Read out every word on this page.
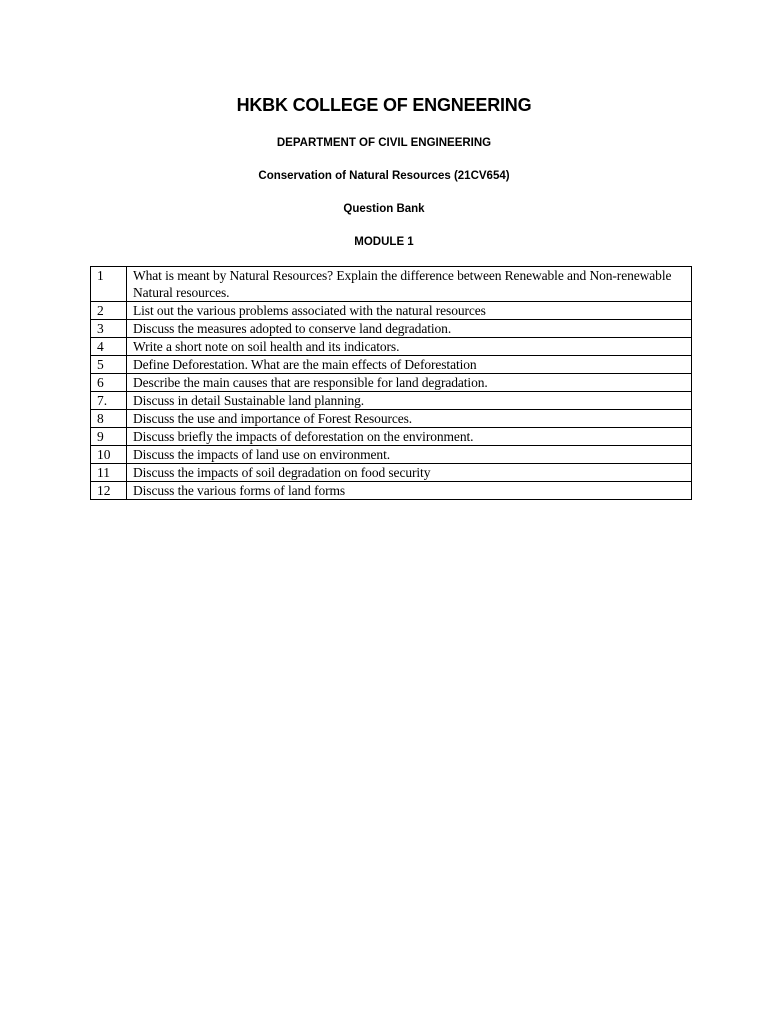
HKBK COLLEGE OF ENGNEERING
DEPARTMENT OF CIVIL ENGINEERING
Conservation of Natural Resources (21CV654)
Question Bank
MODULE 1
1	What is meant by Natural Resources? Explain the difference between Renewable and Non-renewable Natural resources.
2	List out the various problems associated with the natural resources
3	Discuss the measures adopted to conserve land degradation.
4	Write a short note on soil health and its indicators.
5	Define Deforestation. What are the main effects of Deforestation
6	Describe the main causes that are responsible for land degradation.
7.	Discuss in detail Sustainable land planning.
8	Discuss the use and importance of Forest Resources.
9	Discuss briefly the impacts of deforestation on the environment.
10	Discuss the impacts of land use on environment.
11	Discuss the impacts of soil degradation on food security
12	Discuss the various forms of land forms
